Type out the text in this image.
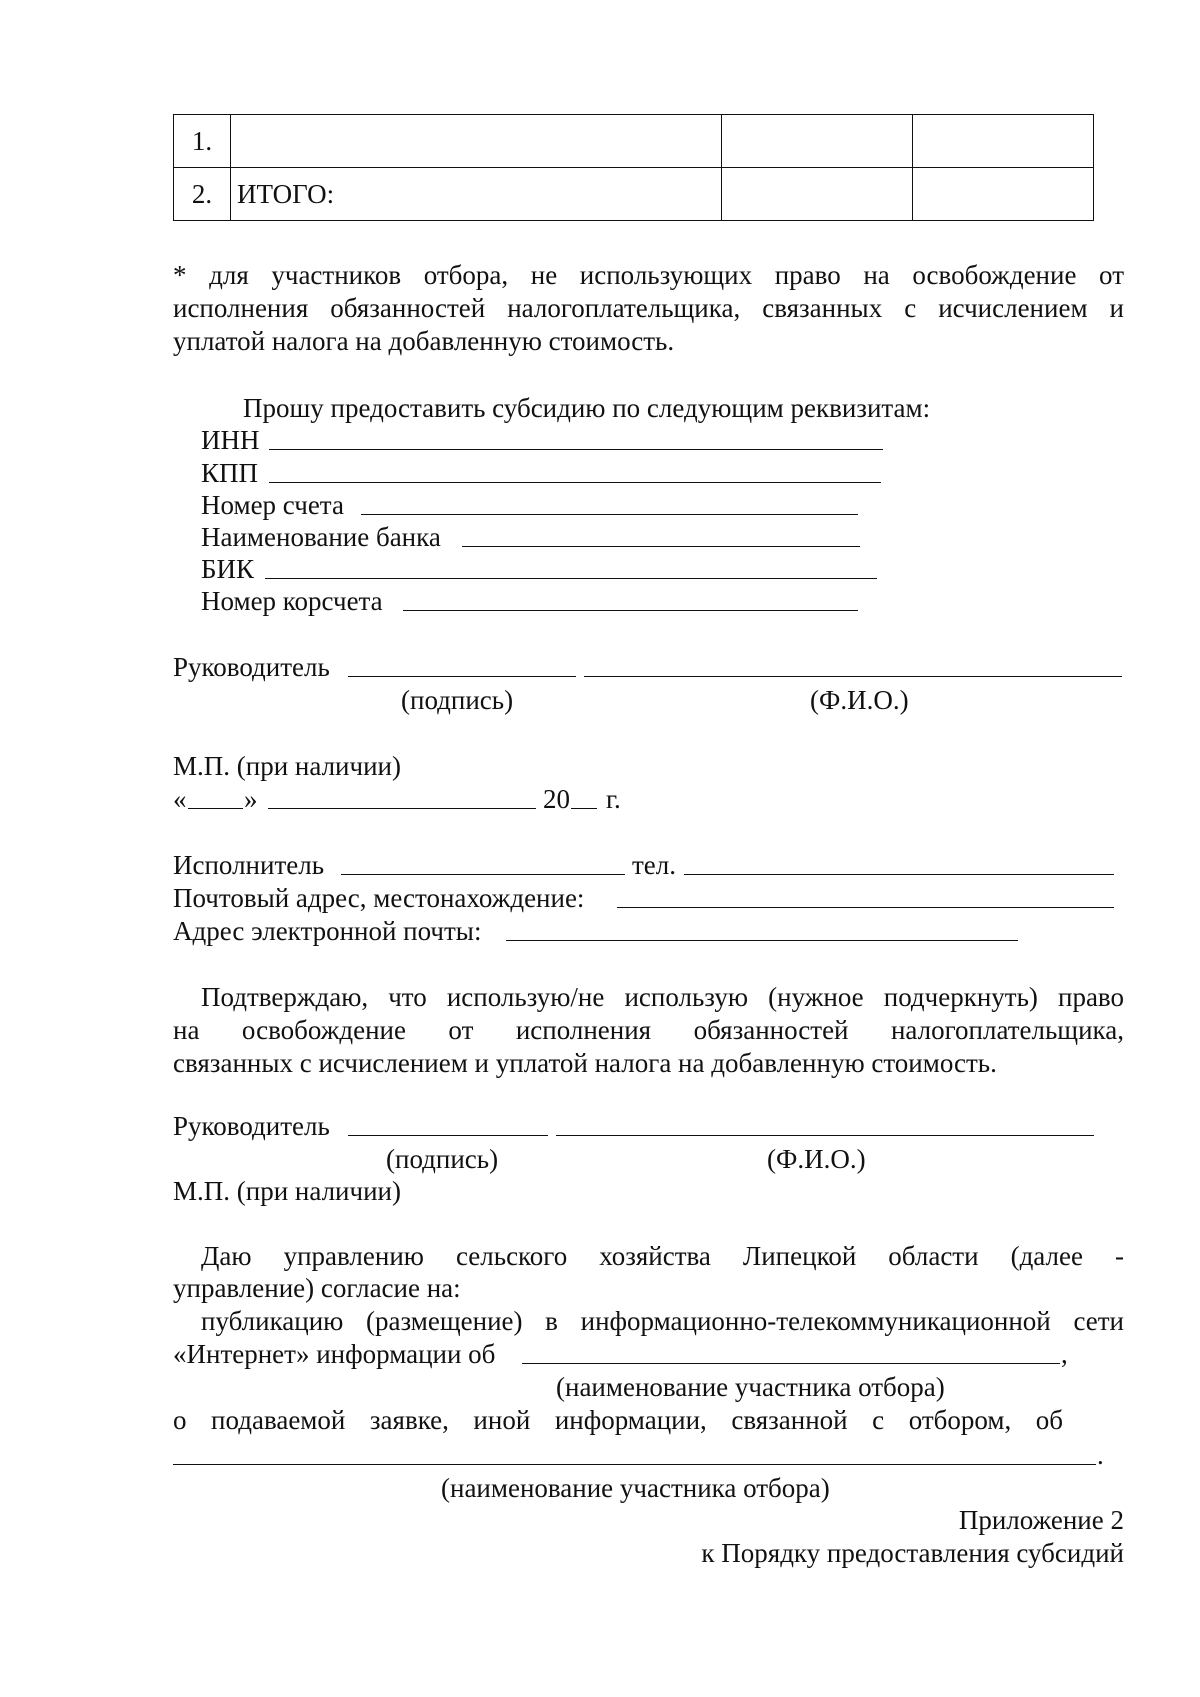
1.			
2.	ИТОГО:		
* для участников отбора, не использующих право на освобождение от
исполнения обязанностей налогоплательщика, связанных с исчислением и
уплатой налога на добавленную стоимость.
Прошу предоставить субсидию по следующим реквизитам:
ИНН
КПП
Номер счета
Наименование банка
БИК
Номер корсчета
Руководитель
(подпись)	(Ф.И.О.)
М.П. (при наличии)
« »	20 г.
Исполнитель	тел.
Почтовый адрес, местонахождение:
Адрес электронной почты:
Подтверждаю, что использую/не использую (нужное подчеркнуть) право
на освобождение от исполнения обязанностей налогоплательщика,
связанных с исчислением и уплатой налога на добавленную стоимость.
Руководитель
(подпись)	(Ф.И.О.)
М.П. (при наличии)
Даю управлению сельского хозяйства Липецкой области (далее -
управление) согласие на:
публикацию (размещение) в информационно-телекоммуникационной сети
«Интернет» информации об	,
(наименование участника отбора)
о подаваемой заявке, иной информации, связанной с отбором, об
.
(наименование участника отбора)
Приложение 2
к Порядку предоставления субсидий
